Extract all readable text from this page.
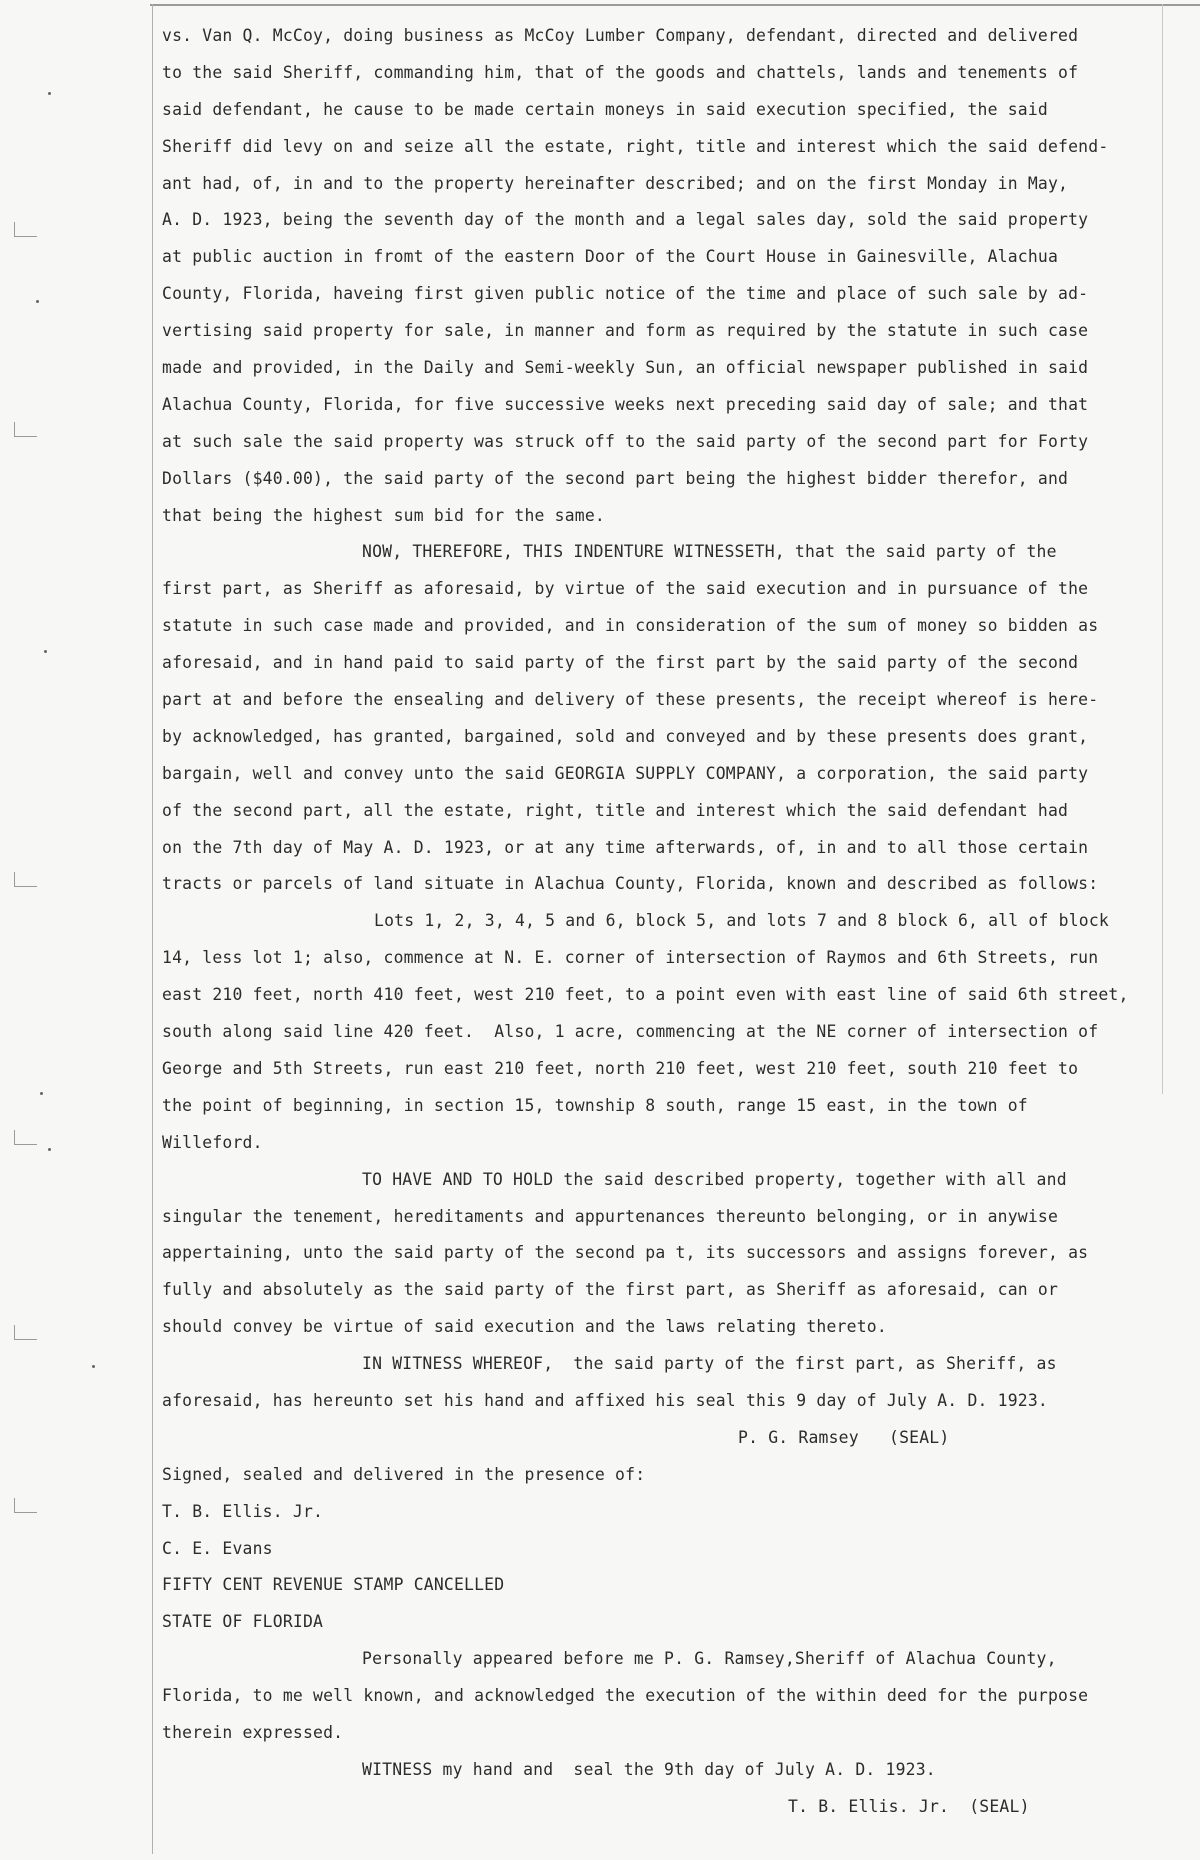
vs. Van Q. McCoy, doing business as McCoy Lumber Company, defendant, directed and delivered
to the said Sheriff, commanding him, that of the goods and chattels, lands and tenements of
said defendant, he cause to be made certain moneys in said execution specified, the said
Sheriff did levy on and seize all the estate, right, title and interest which the said defend-
ant had, of, in and to the property hereinafter described; and on the first Monday in May,
A. D. 1923, being the seventh day of the month and a legal sales day, sold the said property
at public auction in fromt of the eastern Door of the Court House in Gainesville, Alachua
County, Florida, haveing first given public notice of the time and place of such sale by ad-
vertising said property for sale, in manner and form as required by the statute in such case
made and provided, in the Daily and Semi-weekly Sun, an official newspaper published in said
Alachua County, Florida, for five successive weeks next preceding said day of sale; and that
at such sale the said property was struck off to the said party of the second part for Forty
Dollars ($40.00), the said party of the second part being the highest bidder therefor, and
that being the highest sum bid for the same.
NOW, THEREFORE, THIS INDENTURE WITNESSETH, that the said party of the
first part, as Sheriff as aforesaid, by virtue of the said execution and in pursuance of the
statute in such case made and provided, and in consideration of the sum of money so bidden as
aforesaid, and in hand paid to said party of the first part by the said party of the second
part at and before the ensealing and delivery of these presents, the receipt whereof is here-
by acknowledged, has granted, bargained, sold and conveyed and by these presents does grant,
bargain, well and convey unto the said GEORGIA SUPPLY COMPANY, a corporation, the said party
of the second part, all the estate, right, title and interest which the said defendant had
on the 7th day of May A. D. 1923, or at any time afterwards, of, in and to all those certain
tracts or parcels of land situate in Alachua County, Florida, known and described as follows:
Lots 1, 2, 3, 4, 5 and 6, block 5, and lots 7 and 8 block 6, all of block
14, less lot 1; also, commence at N. E. corner of intersection of Raymos and 6th Streets, run
east 210 feet, north 410 feet, west 210 feet, to a point even with east line of said 6th street,
south along said line 420 feet.  Also, 1 acre, commencing at the NE corner of intersection of
George and 5th Streets, run east 210 feet, north 210 feet, west 210 feet, south 210 feet to
the point of beginning, in section 15, township 8 south, range 15 east, in the town of
Willeford.
TO HAVE AND TO HOLD the said described property, together with all and
singular the tenement, hereditaments and appurtenances thereunto belonging, or in anywise
appertaining, unto the said party of the second pa t, its successors and assigns forever, as
fully and absolutely as the said party of the first part, as Sheriff as aforesaid, can or
should convey be virtue of said execution and the laws relating thereto.
IN WITNESS WHEREOF,  the said party of the first part, as Sheriff, as
aforesaid, has hereunto set his hand and affixed his seal this 9 day of July A. D. 1923.
P. G. Ramsey   (SEAL)
Signed, sealed and delivered in the presence of:
T. B. Ellis. Jr.
C. E. Evans
FIFTY CENT REVENUE STAMP CANCELLED
STATE OF FLORIDA
Personally appeared before me P. G. Ramsey,Sheriff of Alachua County,
Florida, to me well known, and acknowledged the execution of the within deed for the purpose
therein expressed.
WITNESS my hand and  seal the 9th day of July A. D. 1923.
T. B. Ellis. Jr.  (SEAL)
